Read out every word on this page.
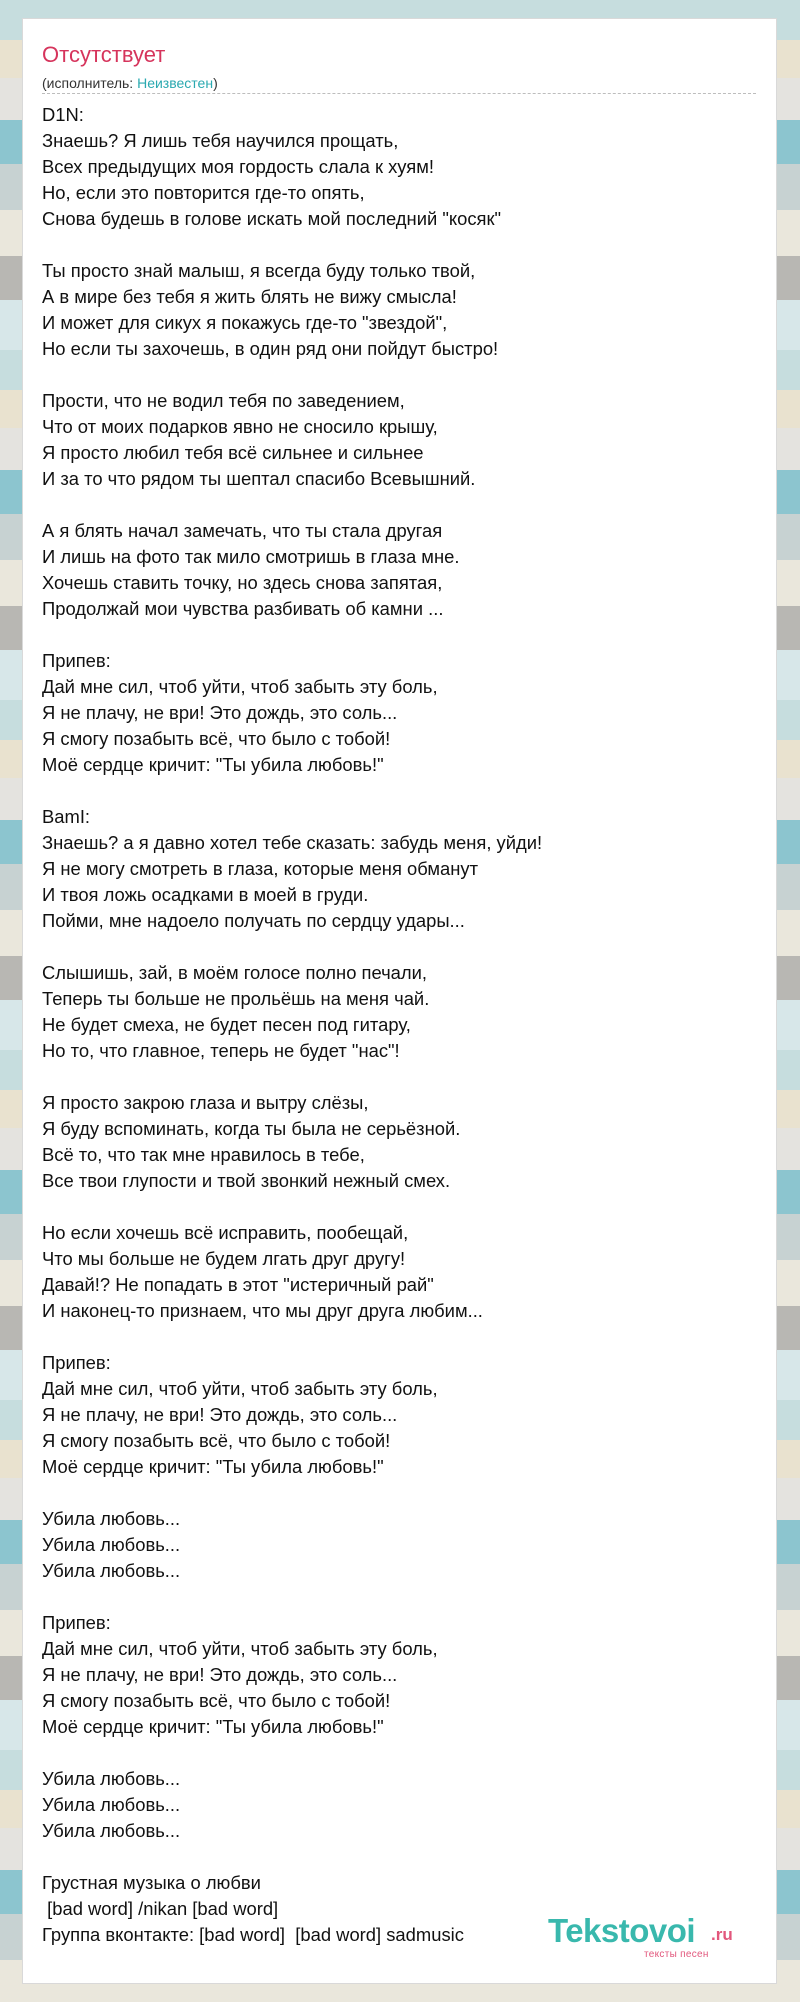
Отсутствует
(исполнитель: Неизвестен)
D1N:
Знаешь? Я лишь тебя научился прощать,
Всех предыдущих моя гордость слала к хуям!
Но, если это повторится где-то опять,
Снова будешь в голове искать мой последний "косяк"

Ты просто знай малыш, я всегда буду только твой,
А в мире без тебя я жить блять не вижу смысла!
И может для сикух я покажусь где-то "звездой",
Но если ты захочешь, в один ряд они пойдут быстро!

Прости, что не водил тебя по заведением,
Что от моих подарков явно не сносило крышу,
Я просто любил тебя всё сильнее и сильнее
И за то что рядом ты шептал спасибо Всевышний.

А я блять начал замечать, что ты стала другая
И лишь на фото так мило смотришь в глаза мне.
Хочешь ставить точку, но здесь снова запятая,
Продолжай мои чувства разбивать об камни ...

Припев:
Дай мне сил, чтоб уйти, чтоб забыть эту боль,
Я не плачу, не ври! Это дождь, это соль...
Я смогу позабыть всё, что было с тобой!
Моё сердце кричит: "Ты убила любовь!"

BamI:
Знаешь? а я давно хотел тебе сказать: забудь меня, уйди!
Я не могу смотреть в глаза, которые меня обманут
И твоя ложь осадками в моей в груди.
Пойми, мне надоело получать по сердцу удары...

Слышишь, зай, в моём голосе полно печали,
Теперь ты больше не прольёшь на меня чай.
Не будет смеха, не будет песен под гитару,
Но то, что главное, теперь не будет "нас"!

Я просто закрою глаза и вытру слёзы,
Я буду вспоминать, когда ты была не серьёзной.
Всё то, что так мне нравилось в тебе,
Все твои глупости и твой звонкий нежный смех.

Но если хочешь всё исправить, пообещай,
Что мы больше не будем лгать друг другу!
Давай!? Не попадать в этот "истеричный рай"
И наконец-то признаем, что мы друг друга любим...

Припев:
Дай мне сил, чтоб уйти, чтоб забыть эту боль,
Я не плачу, не ври! Это дождь, это соль...
Я смогу позабыть всё, что было с тобой!
Моё сердце кричит: "Ты убила любовь!"

Убила любовь...
Убила любовь...
Убила любовь...

Припев:
Дай мне сил, чтоб уйти, чтоб забыть эту боль,
Я не плачу, не ври! Это дождь, это соль...
Я смогу позабыть всё, что было с тобой!
Моё сердце кричит: "Ты убила любовь!"

Убила любовь...
Убила любовь...
Убила любовь...

Грустная музыка о любви
[bad word] /nikan [bad word]
Группа вконтакте: [bad word]  [bad word] sadmusic	Tekstovoi .ru
тексты песен
